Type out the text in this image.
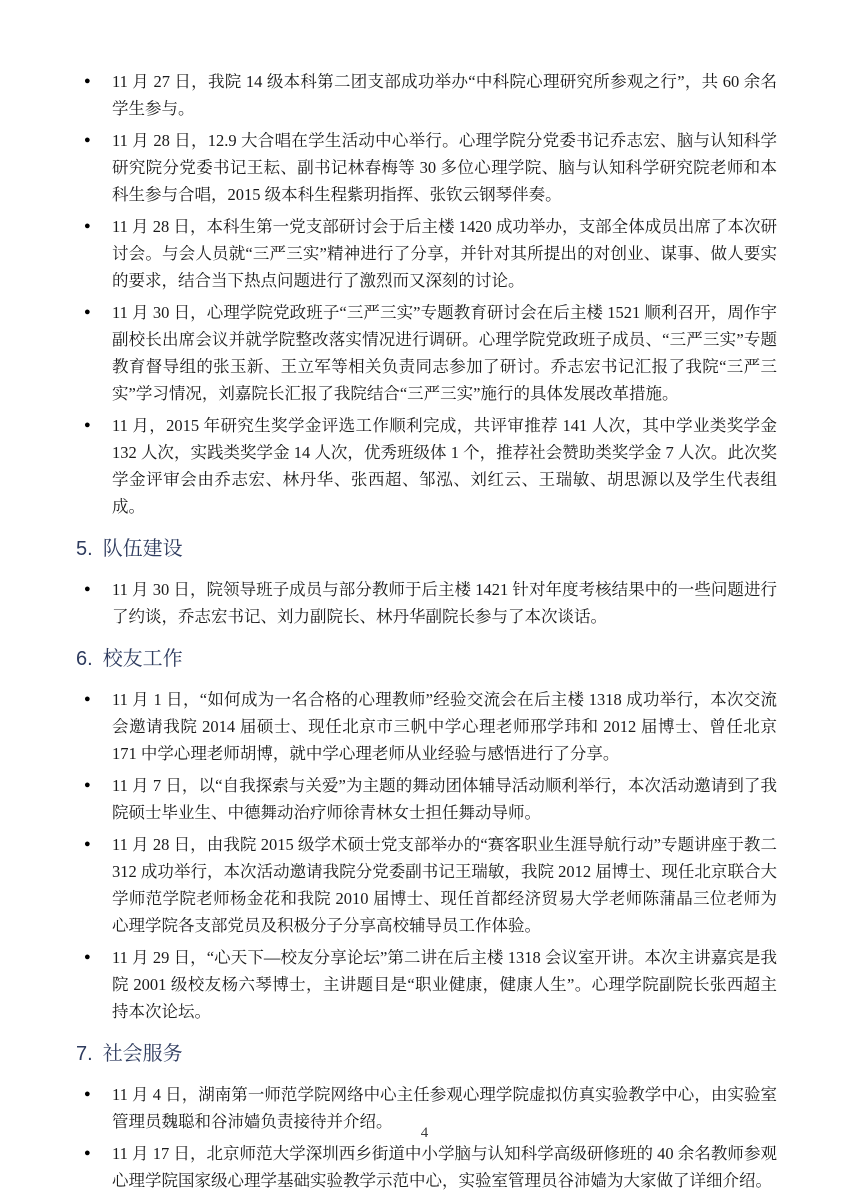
●	11 月 27 日，我院 14 级本科第二团支部成功举办“中科院心理研究所参观之行”，共 60 余名学生参与。

●	11 月 28 日，12.9 大合唱在学生活动中心举行。心理学院分党委书记乔志宏、脑与认知科学研究院分党委书记王耘、副书记林春梅等 30 多位心理学院、脑与认知科学研究院老师和本科生参与合唱，2015 级本科生程紫玥指挥、张钦云钢琴伴奏。

●	11 月 28 日，本科生第一党支部研讨会于后主楼 1420 成功举办，支部全体成员出席了本次研讨会。与会人员就“三严三实”精神进行了分享，并针对其所提出的对创业、谋事、做人要实的要求，结合当下热点问题进行了激烈而又深刻的讨论。

●	11 月 30 日，心理学院党政班子“三严三实”专题教育研讨会在后主楼 1521 顺利召开，周作宇副校长出席会议并就学院整改落实情况进行调研。心理学院党政班子成员、“三严三实”专题教育督导组的张玉新、王立军等相关负责同志参加了研讨。乔志宏书记汇报了我院“三严三实”学习情况，刘嘉院长汇报了我院结合“三严三实”施行的具体发展改革措施。

●	11 月，2015 年研究生奖学金评选工作顺利完成，共评审推荐 141 人次，其中学业类奖学金 132 人次，实践类奖学金 14 人次，优秀班级体 1 个，推荐社会赞助类奖学金 7 人次。此次奖学金评审会由乔志宏、林丹华、张西超、邹泓、刘红云、王瑞敏、胡思源以及学生代表组成。

5. 队伍建设
●	11 月 30 日，院领导班子成员与部分教师于后主楼 1421 针对年度考核结果中的一些问题进行了约谈，乔志宏书记、刘力副院长、林丹华副院长参与了本次谈话。

6. 校友工作
●	11 月 1 日，“如何成为一名合格的心理教师”经验交流会在后主楼 1318 成功举行，本次交流会邀请我院 2014 届硕士、现任北京市三帆中学心理老师邢学玮和 2012 届博士、曾任北京 171 中学心理老师胡博，就中学心理老师从业经验与感悟进行了分享。

●	11 月 7 日，以“自我探索与关爱”为主题的舞动团体辅导活动顺利举行，本次活动邀请到了我院硕士毕业生、中德舞动治疗师徐青林女士担任舞动导师。

●	11 月 28 日，由我院 2015 级学术硕士党支部举办的“赛客职业生涯导航行动”专题讲座于教二 312 成功举行，本次活动邀请我院分党委副书记王瑞敏，我院 2012 届博士、现任北京联合大学师范学院老师杨金花和我院 2010 届博士、现任首都经济贸易大学老师陈蒲晶三位老师为心理学院各支部党员及积极分子分享高校辅导员工作体验。

●	11 月 29 日，“心天下—校友分享论坛”第二讲在后主楼 1318 会议室开讲。本次主讲嘉宾是我院 2001 级校友杨六琴博士，主讲题目是“职业健康，健康人生”。心理学院副院长张西超主持本次论坛。

7. 社会服务
●	11 月 4 日，湖南第一师范学院网络中心主任参观心理学院虚拟仿真实验教学中心，由实验室管理员魏聪和谷沛嫱负责接待并介绍。

●	11 月 17 日，北京师范大学深圳西乡街道中小学脑与认知科学高级研修班的 40 余名教师参观心理学院国家级心理学基础实验教学示范中心，实验室管理员谷沛嫱为大家做了详细介绍。

4
